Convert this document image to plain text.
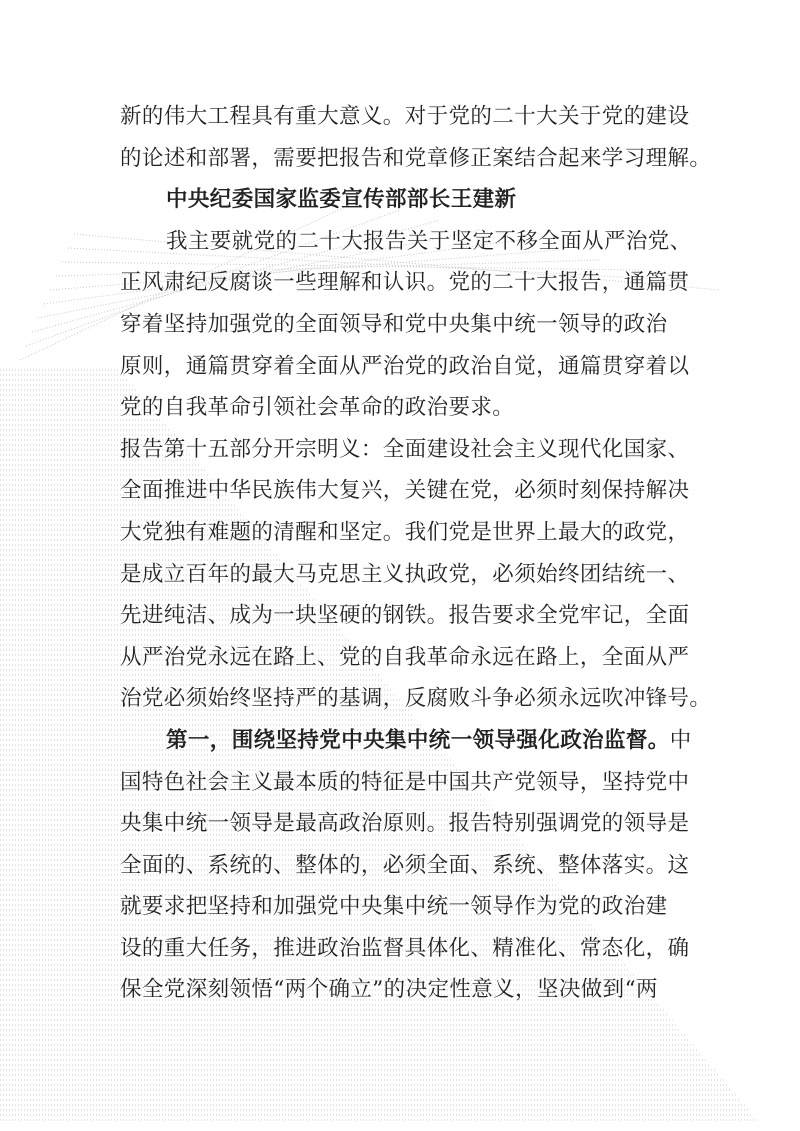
新的伟大工程具有重大意义。对于党的二十大关于党的建设
的论述和部署，需要把报告和党章修正案结合起来学习理解。
中央纪委国家监委宣传部部长王建新
我主要就党的二十大报告关于坚定不移全面从严治党、
正风肃纪反腐谈一些理解和认识。党的二十大报告，通篇贯
穿着坚持加强党的全面领导和党中央集中统一领导的政治
原则，通篇贯穿着全面从严治党的政治自觉，通篇贯穿着以
党的自我革命引领社会革命的政治要求。
报告第十五部分开宗明义：全面建设社会主义现代化国家、
全面推进中华民族伟大复兴，关键在党，必须时刻保持解决
大党独有难题的清醒和坚定。我们党是世界上最大的政党，
是成立百年的最大马克思主义执政党，必须始终团结统一、
先进纯洁、成为一块坚硬的钢铁。报告要求全党牢记，全面
从严治党永远在路上、党的自我革命永远在路上，全面从严
治党必须始终坚持严的基调，反腐败斗争必须永远吹冲锋号。
第一，围绕坚持党中央集中统一领导强化政治监督。中
国特色社会主义最本质的特征是中国共产党领导，坚持党中
央集中统一领导是最高政治原则。报告特别强调党的领导是
全面的、系统的、整体的，必须全面、系统、整体落实。这
就要求把坚持和加强党中央集中统一领导作为党的政治建
设的重大任务，推进政治监督具体化、精准化、常态化，确
保全党深刻领悟“两个确立”的决定性意义，坚决做到“两
